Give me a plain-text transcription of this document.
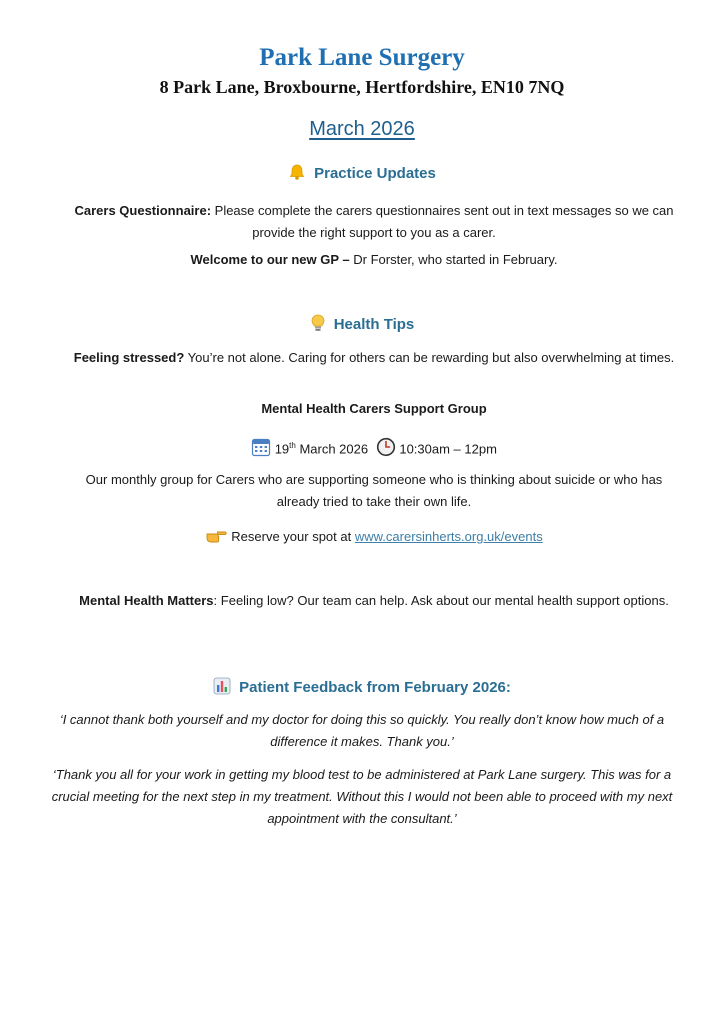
Park Lane Surgery
8 Park Lane, Broxbourne, Hertfordshire, EN10 7NQ
March 2026
Practice Updates
Carers Questionnaire: Please complete the carers questionnaires sent out in text messages so we can provide the right support to you as a carer.
Welcome to our new GP – Dr Forster, who started in February.
Health Tips
Feeling stressed? You’re not alone. Caring for others can be rewarding but also overwhelming at times.
Mental Health Carers Support Group
19th March 2026 10:30am – 12pm
Our monthly group for Carers who are supporting someone who is thinking about suicide or who has already tried to take their own life.
Reserve your spot at www.carersinherts.org.uk/events
Mental Health Matters: Feeling low? Our team can help. Ask about our mental health support options.
Patient Feedback from February 2026:
‘I cannot thank both yourself and my doctor for doing this so quickly. You really don’t know how much of a difference it makes. Thank you.’
‘Thank you all for your work in getting my blood test to be administered at Park Lane surgery. This was for a crucial meeting for the next step in my treatment. Without this I would not been able to proceed with my next appointment with the consultant.’
